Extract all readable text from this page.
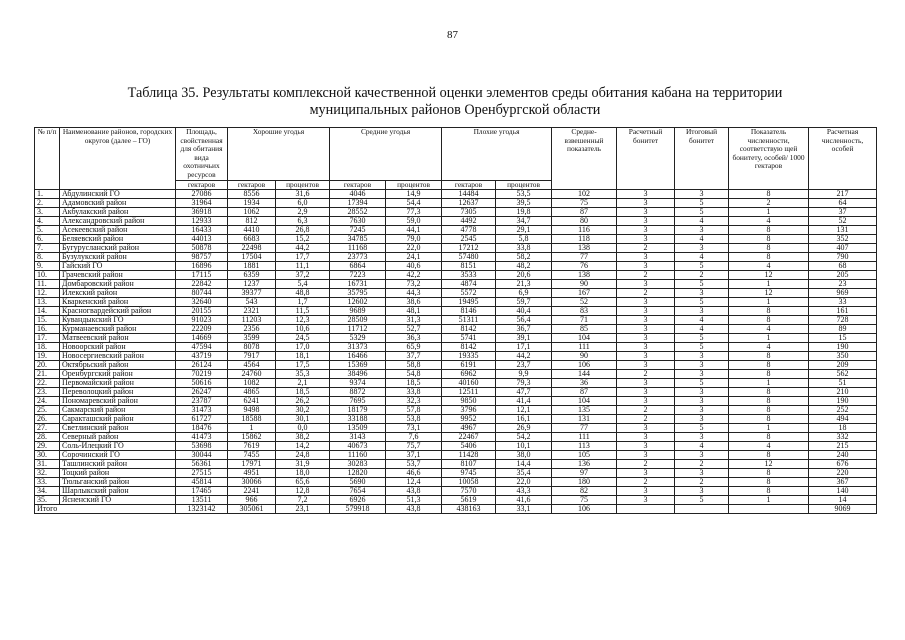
87
Таблица 35. Результаты комплексной качественной оценки элементов среды обитания кабана на территории
муниципальных районов Оренбургской области
№ п/п	Наименование районов, городских округов (далее – ГО)	Площадь, свойственная для обитания вида охотничьих ресурсов	Хорошие угодья		Средние угодья		Плохие угодья		Средне-взвешенный показатель	Расчетный бонитет	Итоговый бонитет	Показатель численности, соответствую щей бонитету, особей/ 1000 гектаров	Расчетная численность, особей
		гектаров	гектаров	процентов	гектаров	процентов	гектаров	процентов					
1.	Абдулинский ГО	27086	8556	31,6	4046	14,9	14484	53,5	102	3	3	8	217
2.	Адамовский район	31964	1934	6,0	17394	54,4	12637	39,5	75	3	5	2	64
3.	Акбулакский район	36918	1062	2,9	28552	77,3	7305	19,8	87	3	5	1	37
4.	Александровский район	12933	812	6,3	7630	59,0	4492	34,7	80	3	4	4	52
5.	Асекеевский район	16433	4410	26,8	7245	44,1	4778	29,1	116	3	3	8	131
6.	Беляевский район	44013	6683	15,2	34785	79,0	2545	5,8	118	3	4	8	352
7.	Бугурусланский район	50878	22498	44,2	11168	22,0	17212	33,8	138	2	3	8	407
8.	Бузулукский район	98757	17504	17,7	23773	24,1	57480	58,2	77	3	4	8	790
9.	Гайский ГО	16896	1881	11,1	6864	40,6	8151	48,2	76	3	5	4	68
10.	Грачевский район	17115	6359	37,2	7223	42,2	3533	20,6	138	2	2	12	205
11.	Домбаровский район	22842	1237	5,4	16731	73,2	4874	21,3	90	3	5	1	23
12.	Илекский район	80744	39377	48,8	35795	44,3	5572	6,9	167	2	3	12	969
13.	Кваркенский район	32640	543	1,7	12602	38,6	19495	59,7	52	3	5	1	33
14.	Красногвардейский район	20155	2321	11,5	9689	48,1	8146	40,4	83	3	3	8	161
15.	Кувандыкский ГО	91023	11203	12,3	28509	31,3	51311	56,4	71	3	4	8	728
16.	Курманаевский район	22209	2356	10,6	11712	52,7	8142	36,7	85	3	4	4	89
17.	Матвеевский район	14669	3599	24,5	5329	36,3	5741	39,1	104	3	5	1	15
18.	Новоорский район	47594	8078	17,0	31373	65,9	8142	17,1	111	3	5	4	190
19.	Новосергиевский район	43719	7917	18,1	16466	37,7	19335	44,2	90	3	3	8	350
20.	Октябрьский район	26124	4564	17,5	15369	58,8	6191	23,7	106	3	3	8	209
21.	Оренбургский район	70219	24760	35,3	38496	54,8	6962	9,9	144	2	3	8	562
22.	Первомайский район	50616	1082	2,1	9374	18,5	40160	79,3	36	3	5	1	51
23.	Переволоцкий район	26247	4865	18,5	8872	33,8	12511	47,7	87	3	3	8	210
24.	Пономаревский район	23787	6241	26,2	7695	32,3	9850	41,4	104	3	3	8	190
25.	Сакмарский район	31473	9498	30,2	18179	57,8	3796	12,1	135	2	3	8	252
26.	Саракташский район	61727	18588	30,1	33188	53,8	9952	16,1	131	2	3	8	494
27.	Светлинский район	18476	1	0,0	13509	73,1	4967	26,9	77	3	5	1	18
28.	Северный район	41473	15862	38,2	3143	7,6	22467	54,2	111	3	3	8	332
29.	Соль-Илецкий ГО	53698	7619	14,2	40673	75,7	5406	10,1	113	3	4	4	215
30.	Сорочинский ГО	30044	7455	24,8	11160	37,1	11428	38,0	105	3	3	8	240
31.	Ташлинский район	56361	17971	31,9	30283	53,7	8107	14,4	136	2	2	12	676
32.	Тоцкий район	27515	4951	18,0	12820	46,6	9745	35,4	97	3	3	8	220
33.	Тюльганский район	45814	30066	65,6	5690	12,4	10058	22,0	180	2	2	8	367
34.	Шарлыкский район	17465	2241	12,8	7654	43,8	7570	43,3	82	3	3	8	140
35.	Ясненский ГО	13511	966	7,2	6926	51,3	5619	41,6	75	3	5	1	14
Итого		1323142	305061	23,1	579918	43,8	438163	33,1	106				9069
